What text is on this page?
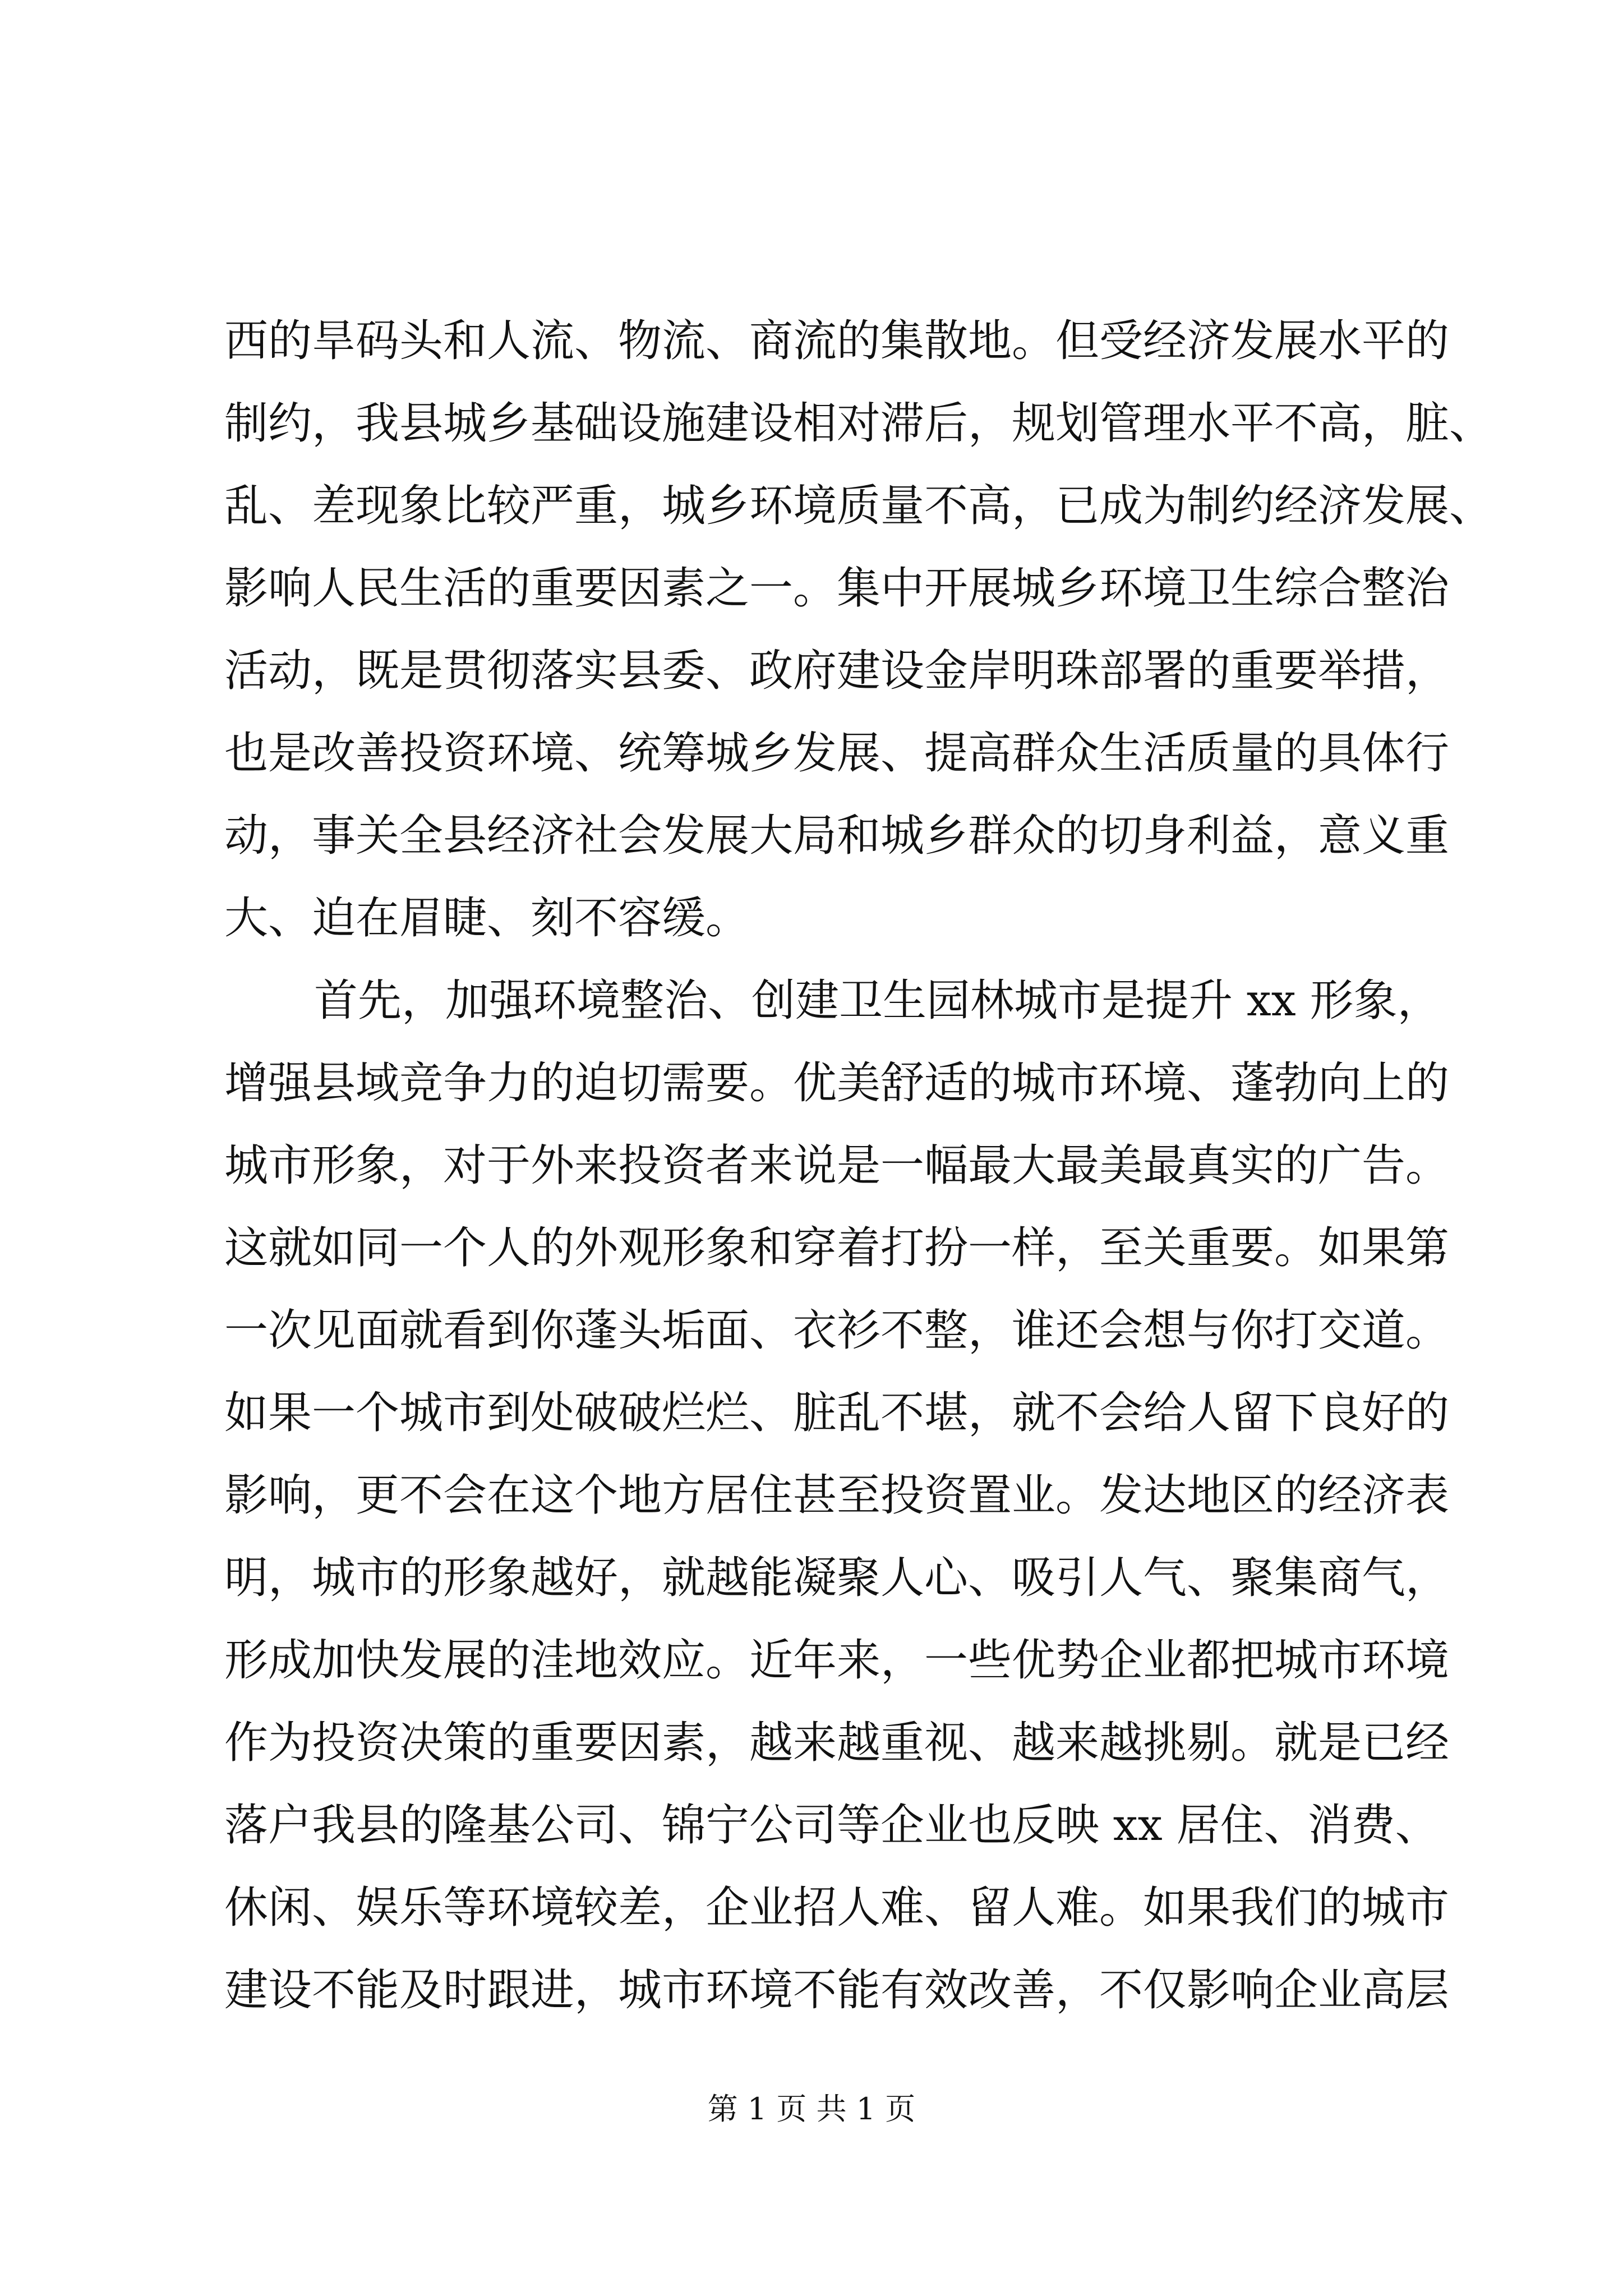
西的旱码头和人流、物流、商流的集散地。但受经济发展水平的
制约，我县城乡基础设施建设相对滞后，规划管理水平不高，脏、
乱、差现象比较严重，城乡环境质量不高，已成为制约经济发展、
影响人民生活的重要因素之一。集中开展城乡环境卫生综合整治
活动，既是贯彻落实县委、政府建设金岸明珠部署的重要举措，
也是改善投资环境、统筹城乡发展、提高群众生活质量的具体行
动，事关全县经济社会发展大局和城乡群众的切身利益，意义重
大、迫在眉睫、刻不容缓。
首先，加强环境整治、创建卫生园林城市是提升 xx 形象，
增强县域竞争力的迫切需要。优美舒适的城市环境、蓬勃向上的
城市形象，对于外来投资者来说是一幅最大最美最真实的广告。
这就如同一个人的外观形象和穿着打扮一样，至关重要。如果第
一次见面就看到你蓬头垢面、衣衫不整，谁还会想与你打交道。
如果一个城市到处破破烂烂、脏乱不堪，就不会给人留下良好的
影响，更不会在这个地方居住甚至投资置业。发达地区的经济表
明，城市的形象越好，就越能凝聚人心、吸引人气、聚集商气，
形成加快发展的洼地效应。近年来，一些优势企业都把城市环境
作为投资决策的重要因素，越来越重视、越来越挑剔。就是已经
落户我县的隆基公司、锦宁公司等企业也反映 xx 居住、消费、
休闲、娱乐等环境较差，企业招人难、留人难。如果我们的城市
建设不能及时跟进，城市环境不能有效改善，不仅影响企业高层
第 1 页 共 1 页
